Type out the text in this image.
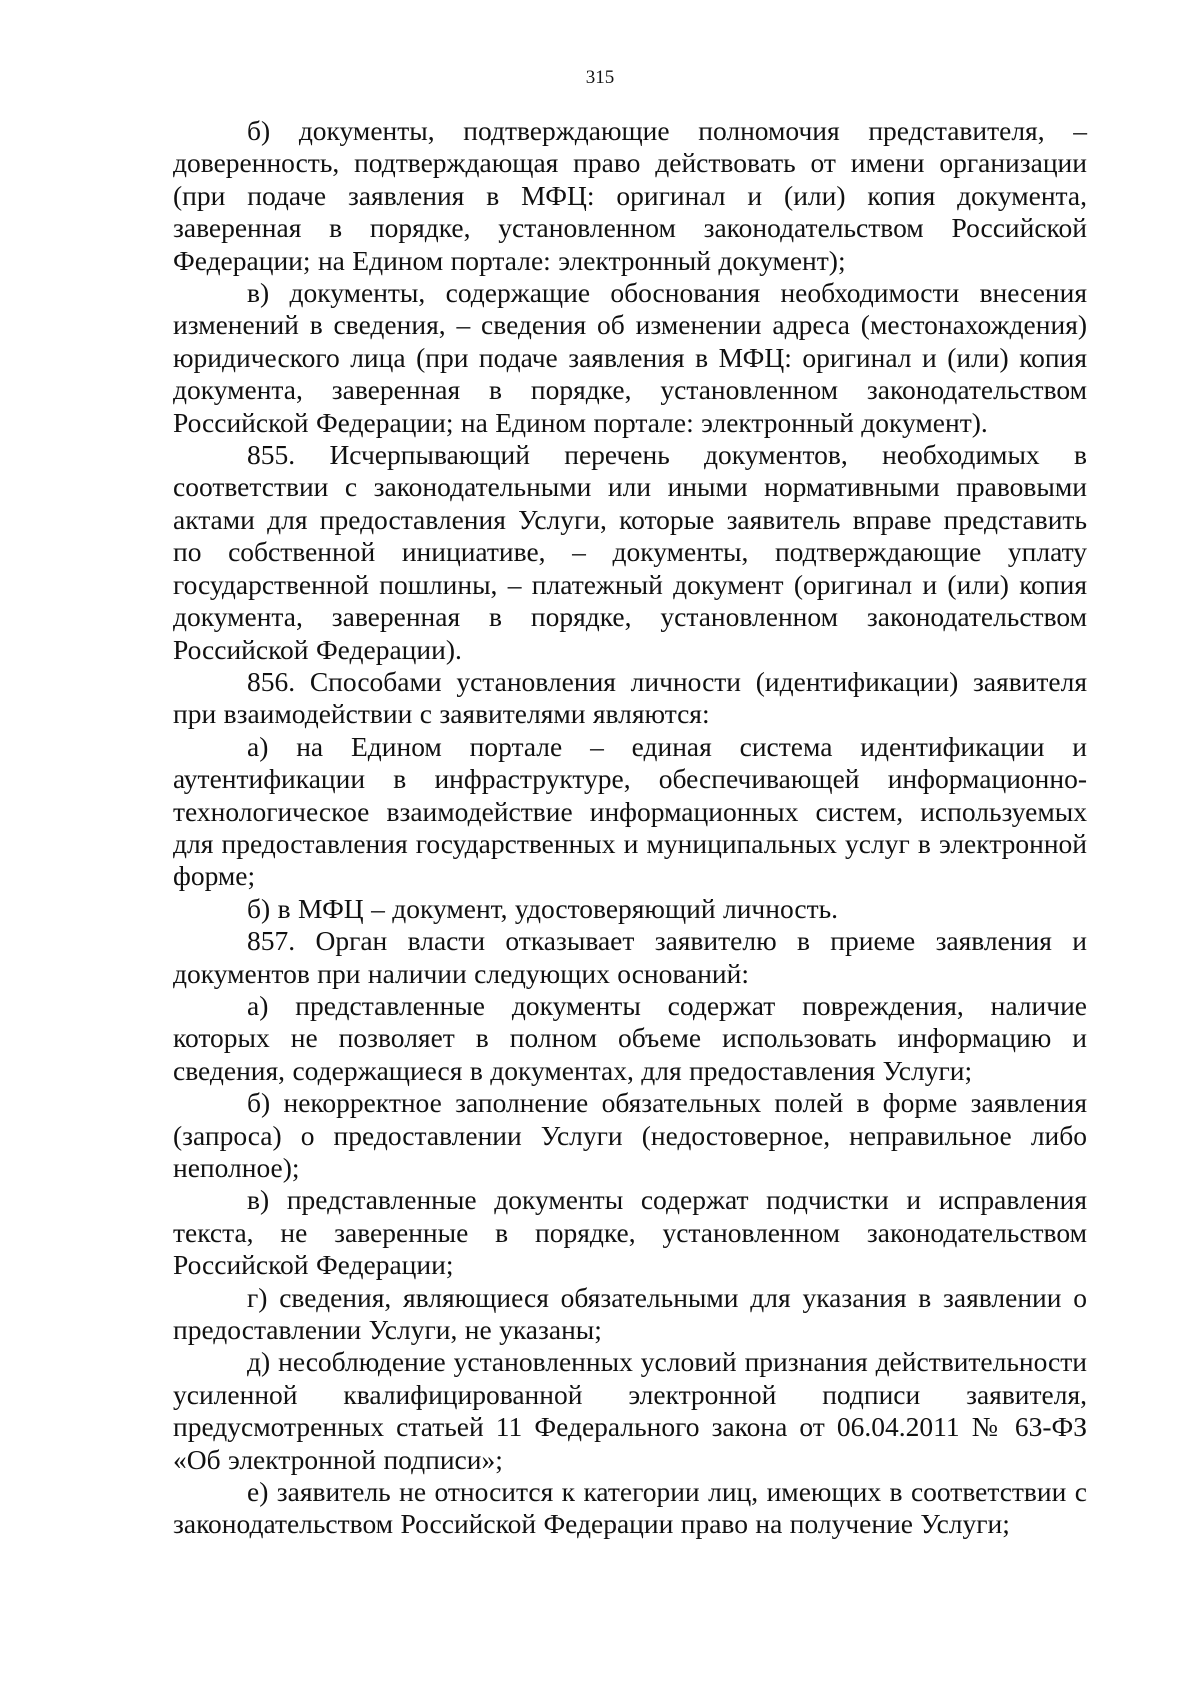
315

б) документы, подтверждающие полномочия представителя, – доверенность, подтверждающая право действовать от имени организации (при подаче заявления в МФЦ: оригинал и (или) копия документа, заверенная в порядке, установленном законодательством Российской Федерации; на Едином портале: электронный документ);

в) документы, содержащие обоснования необходимости внесения изменений в сведения, – сведения об изменении адреса (местонахождения) юридического лица (при подаче заявления в МФЦ: оригинал и (или) копия документа, заверенная в порядке, установленном законодательством Российской Федерации; на Едином портале: электронный документ).

855. Исчерпывающий перечень документов, необходимых в соответствии с законодательными или иными нормативными правовыми актами для предоставления Услуги, которые заявитель вправе представить по собственной инициативе, – документы, подтверждающие уплату государственной пошлины, – платежный документ (оригинал и (или) копия документа, заверенная в порядке, установленном законодательством Российской Федерации).

856. Способами установления личности (идентификации) заявителя при взаимодействии с заявителями являются:

а) на Едином портале – единая система идентификации и аутентификации в инфраструктуре, обеспечивающей информационно-технологическое взаимодействие информационных систем, используемых для предоставления государственных и муниципальных услуг в электронной форме;

б) в МФЦ – документ, удостоверяющий личность.

857. Орган власти отказывает заявителю в приеме заявления и документов при наличии следующих оснований:

а) представленные документы содержат повреждения, наличие которых не позволяет в полном объеме использовать информацию и сведения, содержащиеся в документах, для предоставления Услуги;

б) некорректное заполнение обязательных полей в форме заявления (запроса) о предоставлении Услуги (недостоверное, неправильное либо неполное);

в) представленные документы содержат подчистки и исправления текста, не заверенные в порядке, установленном законодательством Российской Федерации;

г) сведения, являющиеся обязательными для указания в заявлении о предоставлении Услуги, не указаны;

д) несоблюдение установленных условий признания действительности усиленной квалифицированной электронной подписи заявителя, предусмотренных статьей 11 Федерального закона от 06.04.2011 № 63-ФЗ «Об электронной подписи»;

е) заявитель не относится к категории лиц, имеющих в соответствии с законодательством Российской Федерации право на получение Услуги;
